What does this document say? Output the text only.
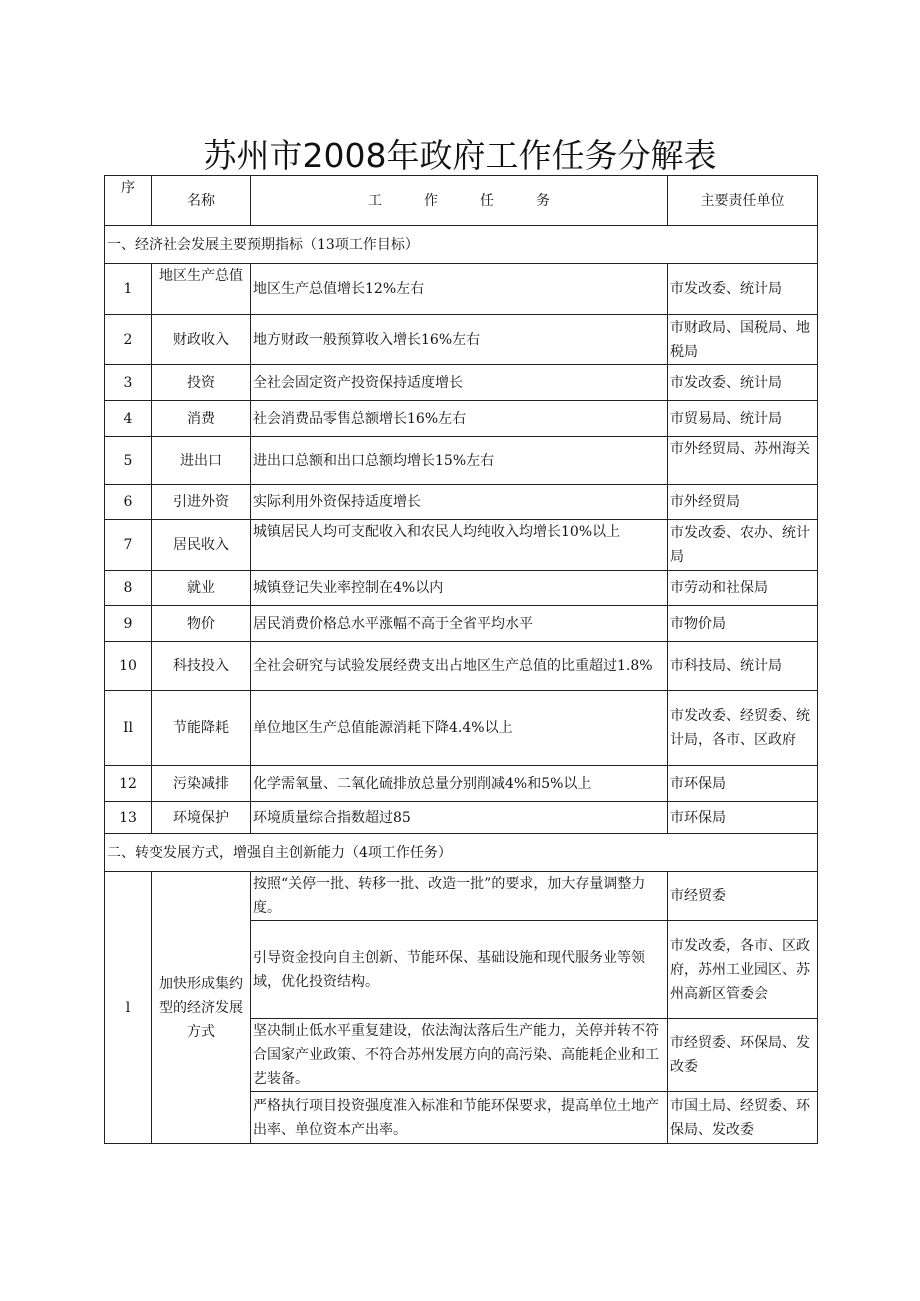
苏州市2008年政府工作任务分解表
序	名称	工 作 任 务	主要责任单位
一、经济社会发展主要预期指标（13项工作目标）			
1	地区生产总值	地区生产总值增长12%左右	市发改委、统计局
2	财政收入	地方财政一般预算收入增长16%左右	市财政局、国税局、地税局
3	投资	全社会固定资产投资保持适度增长	市发改委、统计局
4	消费	社会消费品零售总额增长16%左右	市贸易局、统计局
5	进出口	进出口总额和出口总额均增长15%左右	市外经贸局、苏州海关
6	引进外资	实际利用外资保持适度增长	市外经贸局
7	居民收入	城镇居民人均可支配收入和农民人均纯收入均增长10%以上	市发改委、农办、统计局
8	就业	城镇登记失业率控制在4%以内	市劳动和社保局
9	物价	居民消费价格总水平涨幅不高于全省平均水平	市物价局
10	科技投入	全社会研究与试验发展经费支出占地区生产总值的比重超过1.8%	市科技局、统计局
Il	节能降耗	单位地区生产总值能源消耗下降4.4%以上	市发改委、经贸委、统计局，各市、区政府
12	污染减排	化学需氧量、二氧化硫排放总量分别削减4%和5%以上	市环保局
13	环境保护	环境质量综合指数超过85	市环保局
二、转变发展方式，增强自主创新能力（4项工作任务）			
l	加快形成集约型的经济发展方式	按照“关停一批、转移一批、改造一批”的要求，加大存量调整力度。	市经贸委
		引导资金投向自主创新、节能环保、基础设施和现代服务业等领域，优化投资结构。	市发改委，各市、区政府，苏州工业园区、苏州高新区管委会
		坚决制止低水平重复建设，依法淘汰落后生产能力，关停并转不符合国家产业政策、不符合苏州发展方向的高污染、高能耗企业和工艺装备。	市经贸委、环保局、发改委
		严格执行项目投资强度准入标准和节能环保要求，提高单位土地产出率、单位资本产出率。	市国土局、经贸委、环保局、发改委
